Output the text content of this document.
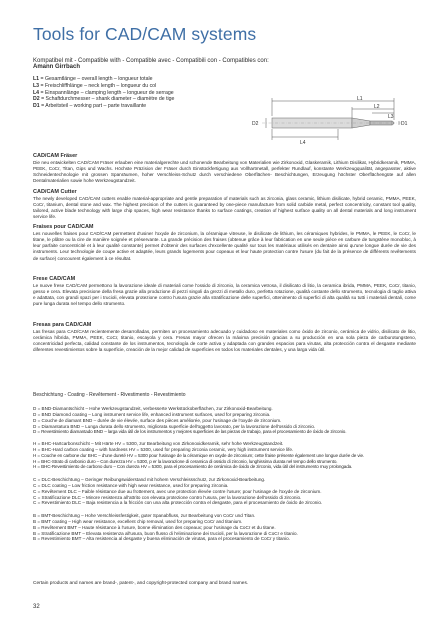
Tools for CAD/CAM systems
Kompatibel mit - Compatible with - Compatible avec - Compatibili con - Compatibles con:
Amann Girrbach
L1 = Gesamtlänge – overall length – longueur totale
L3 = Freischliffhlänge – neck length – longueur du col
L4 = Einspannlänge – clamping length – longueur de serrage
D2 = Schaftdurchmesser – shank diameter – diamètre de tige
D1 = Arbeitsteil – working part – parte travaillante
L1
L2
L3
D2	D1
L4
CAD/CAM Fräser
Die neu entwickelten CAD/CAM Fräser erlauben eine materialgerechte und schonende Bearbeitung von Materialien wie Zirkonoxid, Glaskeramik, Lithium Disilikat, Hybridkeramik, PMMA, PEEK, CoCr, Titan, Gips und Wachs. Höchste Präzision der Fräser durch Einstückfertigung aus Vollhartmetall, perfekter Rundlauf, konstante Werkzeugqualität, angepasster, aktive Schneidentechnologie mit grossen Spanräumen, hoher Verschleiss-Schutz durch verschiedene Oberflächen- Beschichtungen, Erzeugung höchster Oberflächengüte auf allen Dentalmaterialien sowie hohe Werkzeugstandzeit.
CAD/CAM Cutter
The newly developed CAD/CAM cutters enable material-appropriate and gentle preparation of materials such as zirconia, glass ceramic, lithium disilicate, hybrid ceramic, PMMA, PEEK, CoCr, titanium, dental stone and wax. The highest precision of the cutters is guaranteed by one-piece manufacture from solid carbide metal, perfect concentricity, constant tool quality, tailored, active blade technology with large chip spaces, high wear resistance thanks to surface coatings, creation of highest surface quality on all dental materials and long instrument service life.
Fraises pour CAD/CAM
Les nouvelles fraises pour CAD/CAM permettent d'usiner l'oxyde de zirconium, la céramique vitreuse, le disilicate de lithium, les céramiques hybrides, le PMMA, le PEEK, le CoCr, le titane, le plâtre ou la cire de manière soignée et préservante. La grande précision des fraises (obtenue grâce à leur fabrication en une seule pièce en carbure de tungstène monobloc, à leur parfaite concentricité et à leur qualité constante) permet d'obtenir des surfaces d'excellente qualité sur tous les matériaux utilisés en dentaire ainsi qu'une longue durée de vie des instruments. Leur technologie de coupe active et adaptée, leurs grands logements pour copeaux et leur haute protection contre l'usure (du fait de la présence de différents revêtements de surface) concourent également à ce résultat.
Frese CAD/CAM
Le nuove frese CAD/CAM permettono la lavorazione ideale di materiali come l'ossido di zirconio, la ceramica vetrosa, il disilicato di litio, la ceramica ibrida, PMMA, PEEK, CoCr, titanio, gesso e cera. Elevata precisione della fresa grazie alla produzione di pezzi singoli da grezzi di metallo duro, perfetta rotazione, qualità costante dello strumento, tecnologia di taglio attiva e adattata, con grandi spazi per i trucioli, elevata protezione contro l'usura grazie alla stratificazione delle superfici, ottenimento di superfici di alta qualità su tutti i materiali dentali, come pure lunga durata nel tempo dello strumento.
Fresas para CAD/CAM
Las fresas para CAD/CAM recientemente desarrolladas, permiten un procesamiento adecuado y cuidadoso en materiales como óxido de zirconio, cerámica de vidrio, disilicato de litio, cerámica híbrida, PMMA, PEEK, CoCr, titanio, escayola y cera. Fresas mayor ofrecen la máxima precisión gracias a su producción en una sola pieza de carburotungsteno, concentricidad perfecta, calidad constante de los instrumentos, tecnología de corte activa y adaptada con grandes espacios para virutas, alta protección contra el desgaste mediante diferentes revestimientos sobre la superficie, creación de la mejor calidad de superficies en todos los materiales dentales, y una larga vida útil.
Beschichtung - Coating - Revêtement - Rivestimento - Revestimiento
D = BND-Diamantschicht – Hohe Werkzeugstandzeit, verbesserte Werkstückoberflächen, zur Zirkonoxid-Bearbeitung.
D = BND Diamond coating – Long instrument service life, enhanced instrument surfaces, used for preparing zirconia.
D = Couche de diamant BND – durée de vie élevée, surface des pièces améliorée, pour l'usinage de l'oxyde de zirconium.
D = Diamantatura BND – Lunga durata dello strumento, migliorata superficie dell'oggetto lavorato, per la lavorazione dell'ossido di zirconio.
D = Revestimiento diamantado BND – larga vida útil de los instrumentos y mejores superficies de las piezas de trabajo, para el procesamiento de óxido de zirconio.
H = BHC-Hartcarbonschicht – Mit Härte HV = 5300, zur Bearbeitung von Zirkonoxidkeramik, sehr hohe Werkzeugstandzeit.
H = BHC-Hard carbon coating – with hardness HV = 5300, used for preparing zirconia ceramic, very high instrument service life.
H = Couche en carbone dur BHC – d'une dureté HV = 5300 pour l'usinage de la céramique en oxyde de zirconium; cette fraise présente également une longue durée de vie.
H = BHC-Strato di carbonio duro – Con durezza HV = 5300, p er la lavorazione di ceramica di ossido di zirconio, lunghissima durata nel tempo dello strumento.
H = BHC-Revestimiento de carbono duro – Con dureza HV = 5300, para el procesamiento de cerámica de óxido de zirconio, vida útil del instrumento muy prolongada.
C = DLC-Beschichtung – Geringer Reibungswiderstand mit hohem Verschleissschutz, zur Zirkonoxid-Bearbeitung.
C = DLC coating – Low friction resistance with high wear resistance, used for preparing zirconia.
C = Revêtement DLC – Faible résistance due au frottement, avec une protection élevée contre l'usure; pour l'usinage de l'oxyde de zirconium.
C = Stratificazione DLC – Minore resistenza all'attrito con elevata protezione contro l'usura, per la lavorazione dell'ossido di zirconio.
C = Revestimiento DLC – Baja resistencia a la fricción con una alta protección contra el desgaste, para el procesamiento de óxido de zirconio.
B = BMT-Beschichtung – Hohe Verschleissfestigkeit, guter Spanabfluss, zur Bearbeitung von CoCr und Titan.
B = BMT coating – High wear resistance, excellent chip removal, used for preparing CoCr and titanium.
B = Revêtement BMT – Haute résistance à l'usure, bonne élimination des copeaux; pour l'usinage du CoCr et du titane.
B = Stratificazione BMT – Elevata resistenza all'usura, buon flusso di l'eliminazione dei trucioli, per la lavorazione di CoCr e titanio.
B = Revestimiento BMT – Alta resistencia al desgaste y buena eliminación de virutas, para el procesamiento de CoCr y titanio.
Certain products and names are brand-, patent-, and copyright-protected company and brand names.
32
